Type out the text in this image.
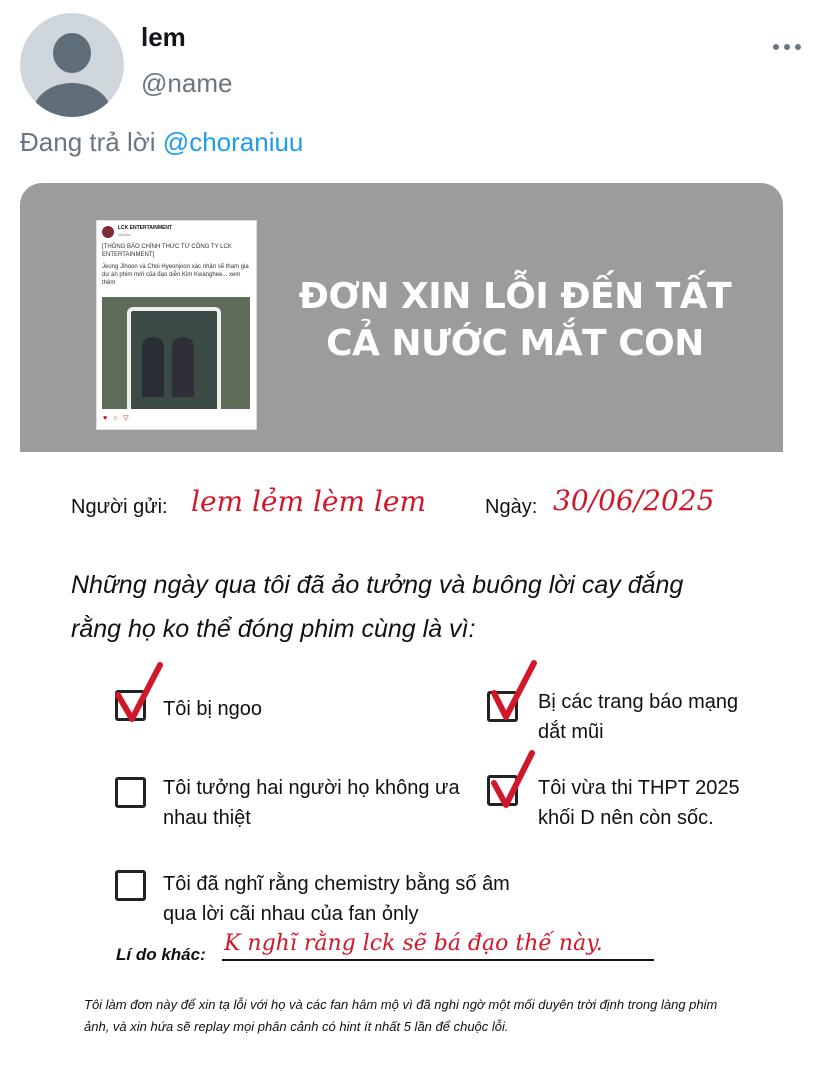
lem
@name
Đang trả lời @choraniuu
LCK ENTERTAINMENT
@lckkk
[THÔNG BÁO CHÍNH THỨC TỪ CÔNG TY LCK ENTERTAINMENT]
Jeong Jihoon và Choi Hyeonjoon xác nhận sẽ tham gia dự án phim mới của đạo diễn Kim Kwanghee... xem thêm
♥ ○ ▽
ĐƠN XIN LỖI ĐẾN TẤT CẢ NƯỚC MẮT CON
Người gửi: lem lẻm lèm lem	Ngày: 30/06/2025
Những ngày qua tôi đã ảo tưởng và buông lời cay đắng rằng họ ko thể đóng phim cùng là vì:
Tôi bị ngoo	Bị các trang báo mạng dắt mũi
Tôi tưởng hai người họ không ưa nhau thiệt
Tôi vừa thi THPT 2025 khối D nên còn sốc.
Tôi đã nghĩ rằng chemistry bằng số âm qua lời cãi nhau của fan ỏnly
Lí do khác: K nghĩ rằng lck sẽ bá đạo thế này.
Tôi làm đơn này để xin tạ lỗi với họ và các fan hâm mộ vì đã nghi ngờ một mối duyên trời định trong làng phim ảnh, và xin hứa sẽ replay mọi phân cảnh có hint ít nhất 5 lần để chuộc lỗi.
